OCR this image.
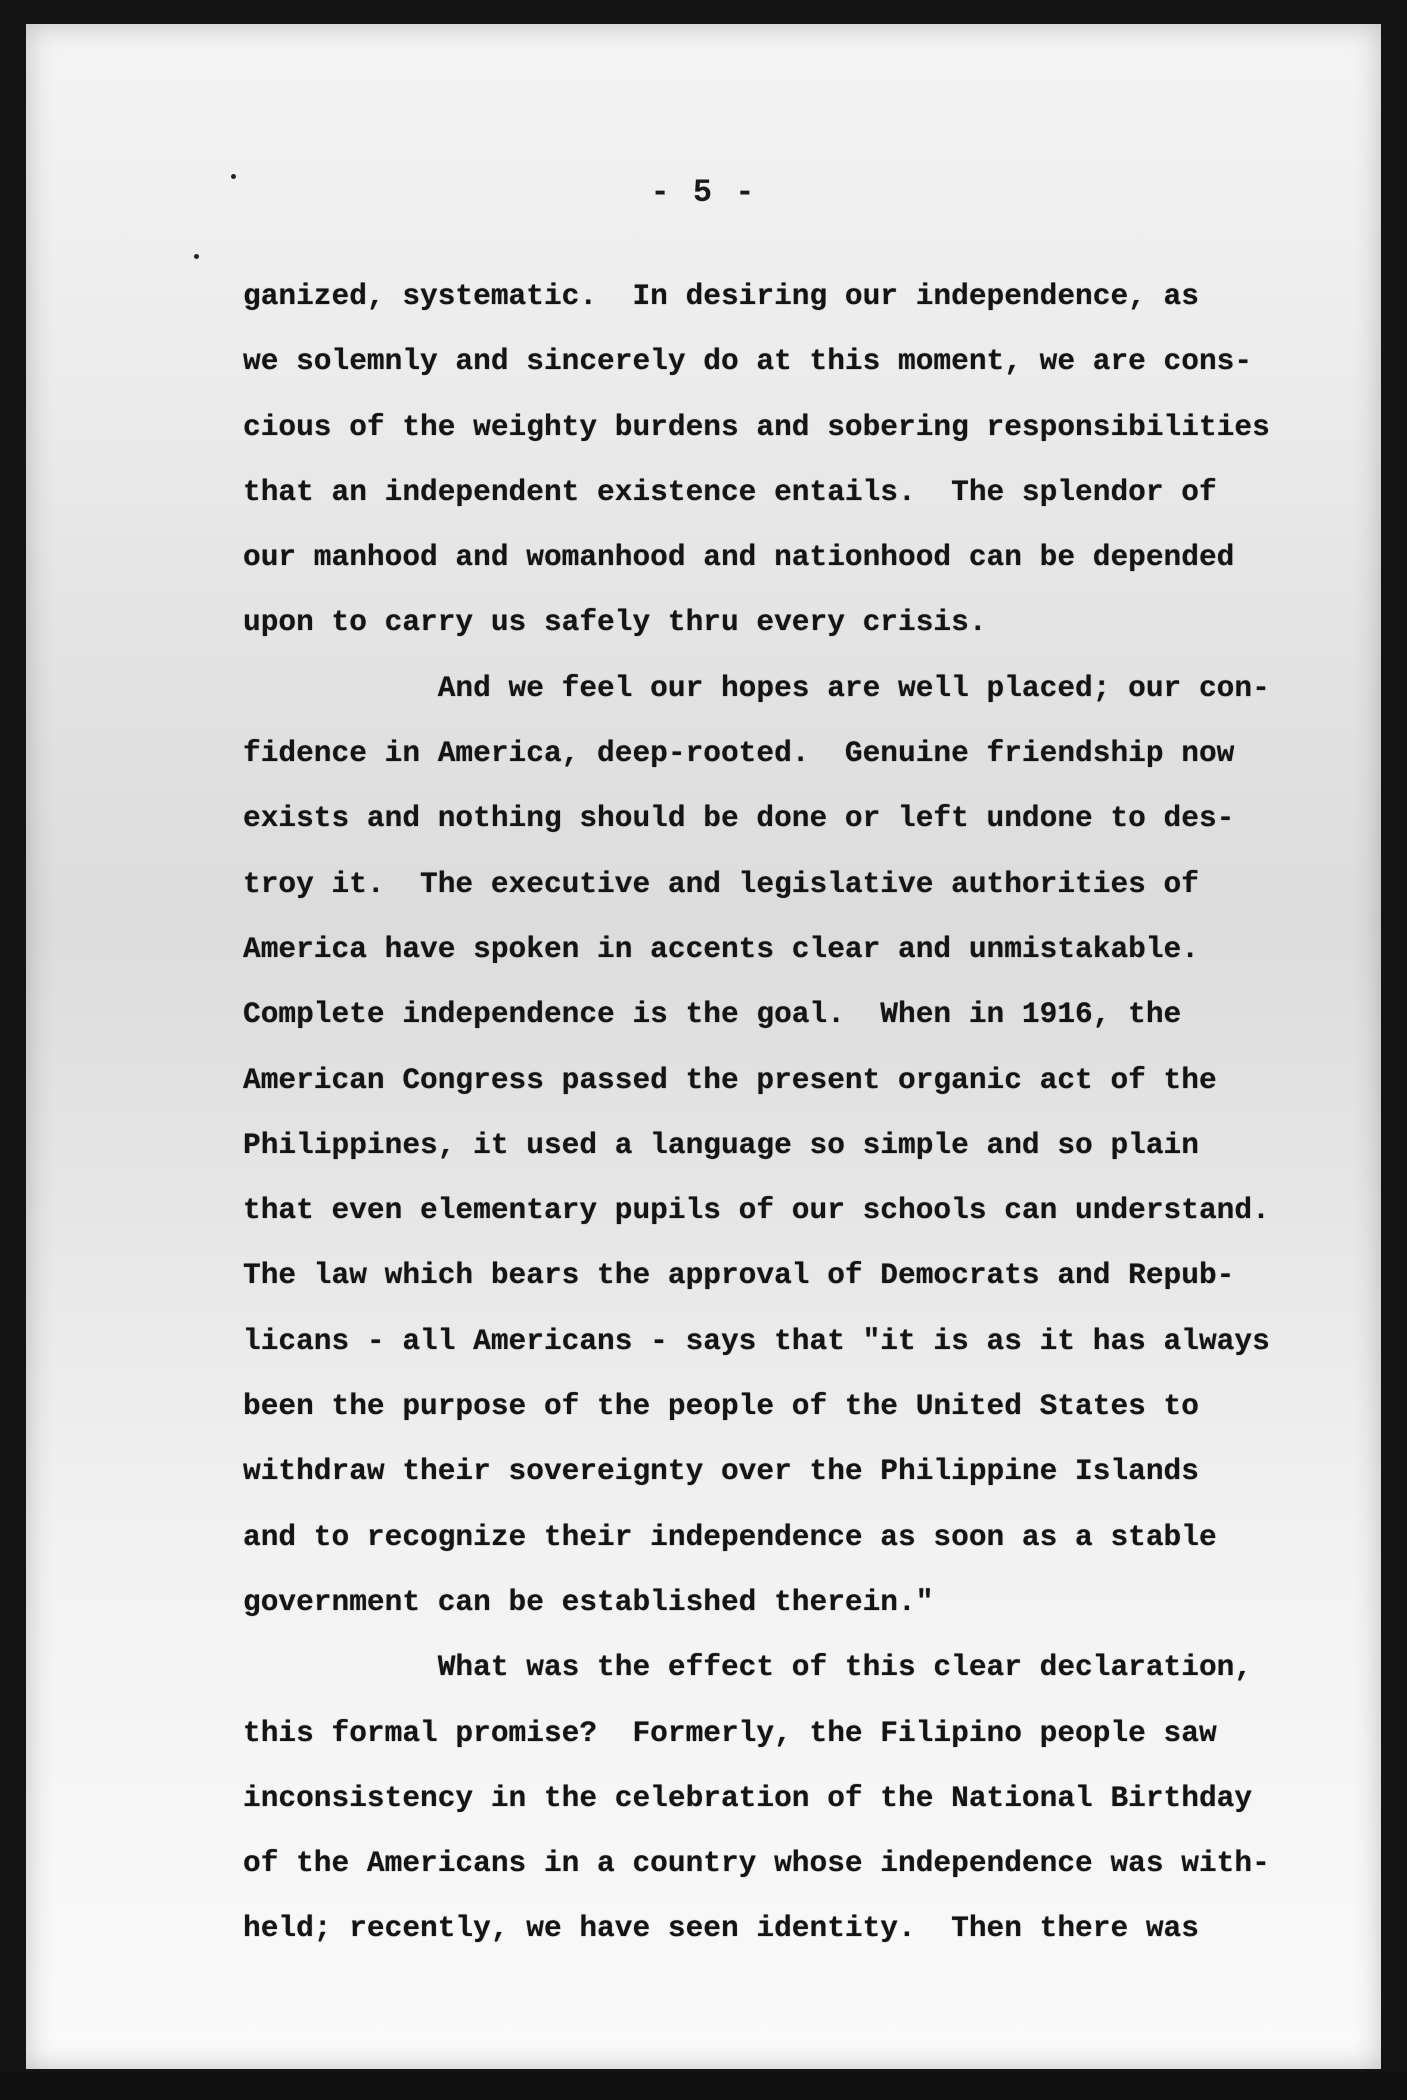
- 5 -
ganized, systematic.  In desiring our independence, as
we solemnly and sincerely do at this moment, we are cons-
cious of the weighty burdens and sobering responsibilities
that an independent existence entails.  The splendor of
our manhood and womanhood and nationhood can be depended
upon to carry us safely thru every crisis.
And we feel our hopes are well placed; our con-
fidence in America, deep-rooted.  Genuine friendship now
exists and nothing should be done or left undone to des-
troy it.  The executive and legislative authorities of
America have spoken in accents clear and unmistakable.
Complete independence is the goal.  When in 1916, the
American Congress passed the present organic act of the
Philippines, it used a language so simple and so plain
that even elementary pupils of our schools can understand.
The law which bears the approval of Democrats and Repub-
licans - all Americans - says that "it is as it has always
been the purpose of the people of the United States to
withdraw their sovereignty over the Philippine Islands
and to recognize their independence as soon as a stable
government can be established therein."
What was the effect of this clear declaration,
this formal promise?  Formerly, the Filipino people saw
inconsistency in the celebration of the National Birthday
of the Americans in a country whose independence was with-
held; recently, we have seen identity.  Then there was
